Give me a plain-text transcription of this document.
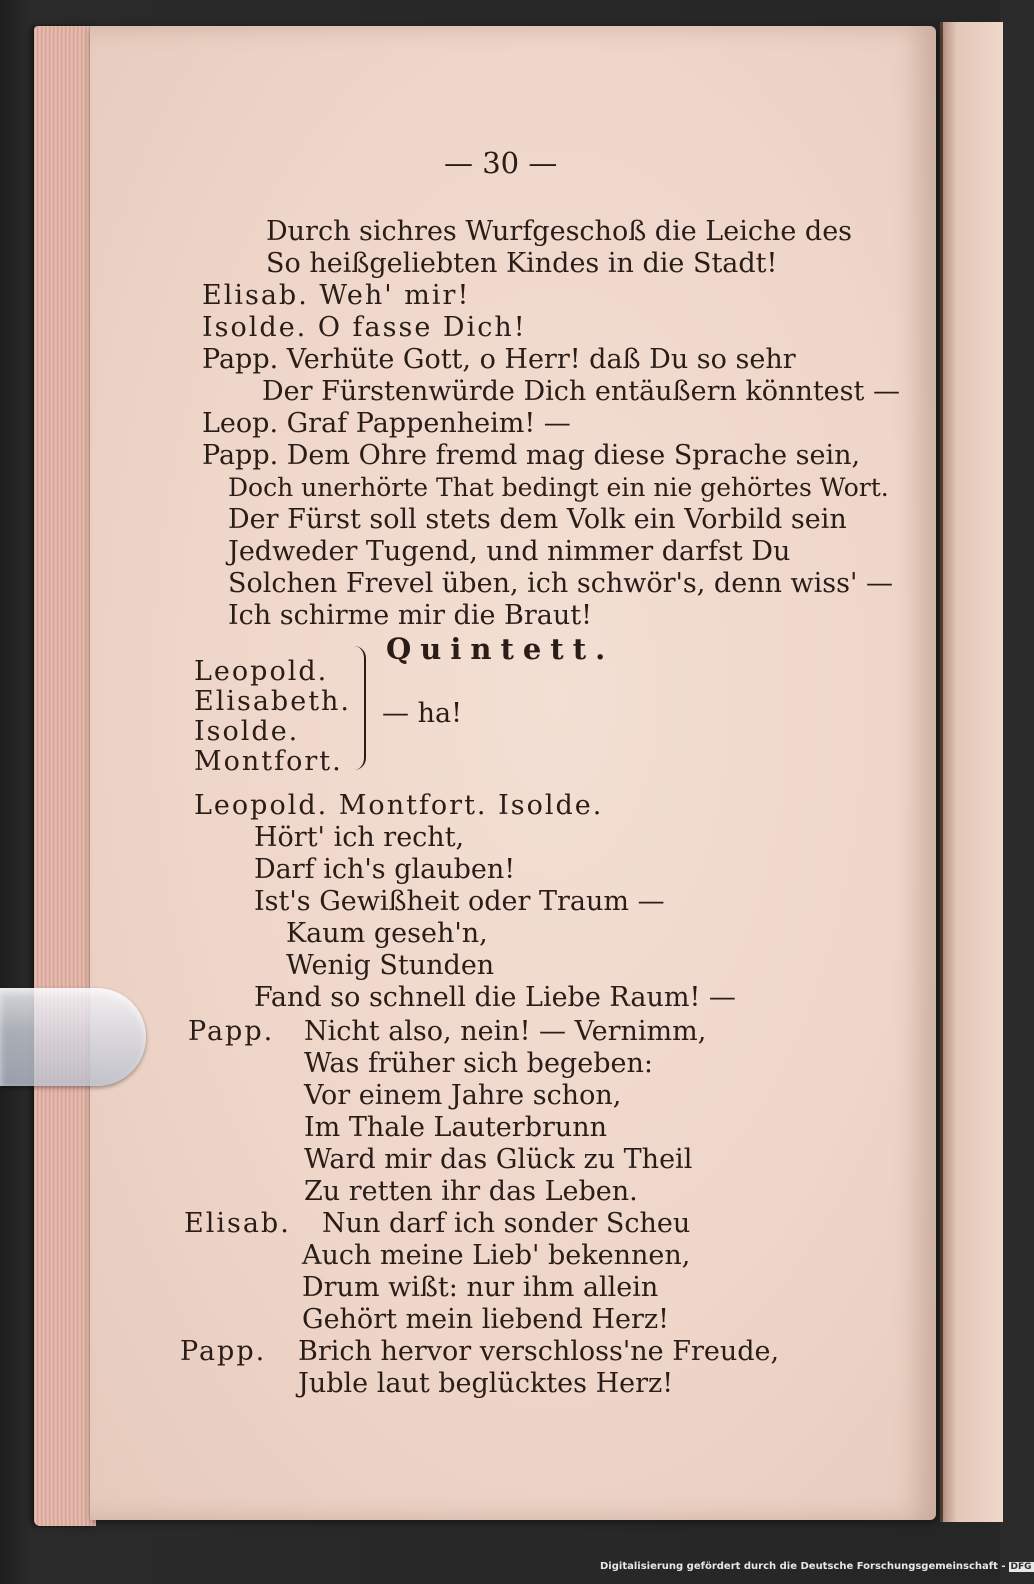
— 30 —
Durch sichres Wurfgeschoß die Leiche des
So heißgeliebten Kindes in die Stadt!
Elisab. Weh' mir!
Isolde. O fasse Dich!
Papp. Verhüte Gott, o Herr! daß Du so sehr
Der Fürstenwürde Dich entäußern könntest —
Leop. Graf Pappenheim! —
Papp. Dem Ohre fremd mag diese Sprache sein,
Doch unerhörte That bedingt ein nie gehörtes Wort.
Der Fürst soll stets dem Volk ein Vorbild sein
Jedweder Tugend, und nimmer darfst Du
Solchen Frevel üben, ich schwör's, denn wiss' —
Ich schirme mir die Braut!
Quintett.
Leopold.
Elisabeth.
Isolde.
Montfort.
— ha!
Leopold. Montfort. Isolde.
Hört' ich recht,
Darf ich's glauben!
Ist's Gewißheit oder Traum —
Kaum geseh'n,
Wenig Stunden
Fand so schnell die Liebe Raum! —
Papp. Nicht also, nein! — Vernimm,
Was früher sich begeben:
Vor einem Jahre schon,
Im Thale Lauterbrunn
Ward mir das Glück zu Theil
Zu retten ihr das Leben.
Elisab. Nun darf ich sonder Scheu
Auch meine Lieb' bekennen,
Drum wißt: nur ihm allein
Gehört mein liebend Herz!
Papp. Brich hervor verschloss'ne Freude,
Juble laut beglücktes Herz!
Digitalisierung gefördert durch die Deutsche Forschungsgemeinschaft - DFG
